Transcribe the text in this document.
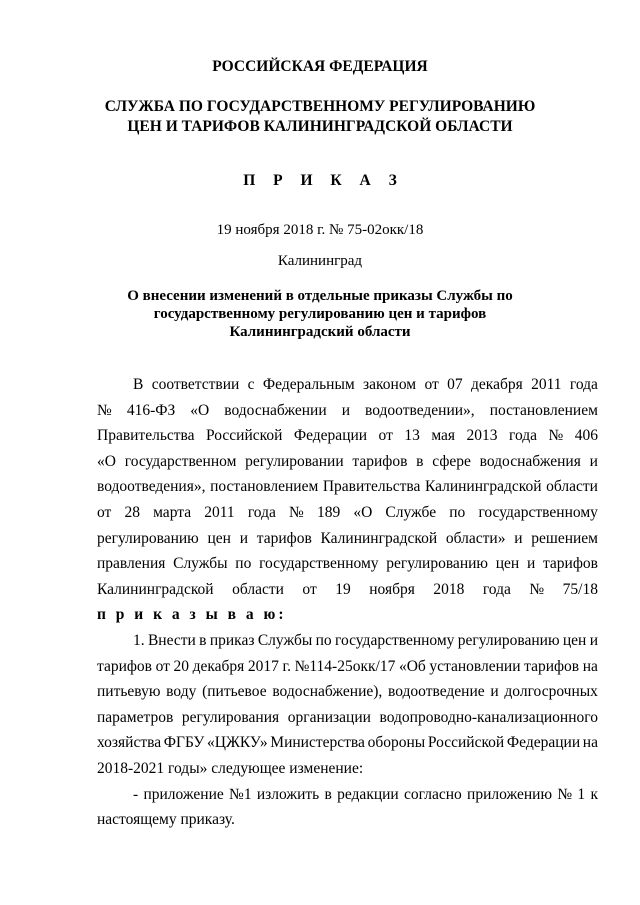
РОССИЙСКАЯ ФЕДЕРАЦИЯ
СЛУЖБА ПО ГОСУДАРСТВЕННОМУ РЕГУЛИРОВАНИЮ
ЦЕН И ТАРИФОВ КАЛИНИНГРАДСКОЙ ОБЛАСТИ
П Р И К А З
19 ноября 2018 г. № 75-02окк/18
Калининград
О внесении изменений в отдельные приказы Службы по
государственному регулированию цен и тарифов
Калининградский области
В соответствии с Федеральным законом от 07 декабря 2011 года
№ 416-ФЗ «О водоснабжении и водоотведении», постановлением
Правительства Российской Федерации от 13 мая 2013 года № 406
«О государственном регулировании тарифов в сфере водоснабжения и
водоотведения», постановлением Правительства Калининградской области
от 28 марта 2011 года № 189 «О Службе по государственному
регулированию цен и тарифов Калининградской области» и решением
правления Службы по государственному регулированию цен и тарифов
Калининградской области от 19 ноября 2018 года № 75/18
п р и к а з ы в а ю:
1. Внести в приказ Службы по государственному регулированию цен и
тарифов от 20 декабря 2017 г. №114-25окк/17 «Об установлении тарифов на
питьевую воду (питьевое водоснабжение), водоотведение и долгосрочных
параметров регулирования организации водопроводно-канализационного
хозяйства ФГБУ «ЦЖКУ» Министерства обороны Российской Федерации на
2018-2021 годы» следующее изменение:
- приложение №1 изложить в редакции согласно приложению № 1 к
настоящему приказу.
